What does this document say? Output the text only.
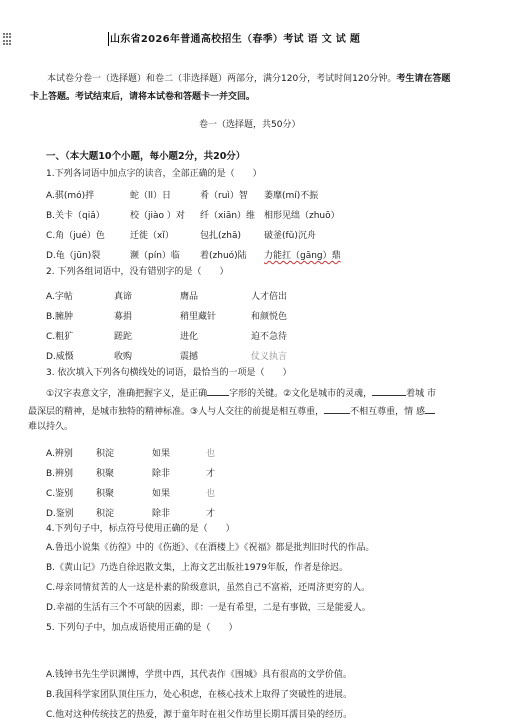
山东省2026年普通高校招生（春季）考试 语 文 试 题
本试卷分卷一（选择题）和卷二（非选择题）两部分，满分120分，考试时间120分钟。考生请在答题
卡上答题。考试结束后，请将本试卷和答题卡一并交回。
卷一（选择题，共50分）
一、（本大题10个小题，每小题2分，共20分）
1.下列各词语中加点字的读音，全部正确的是（　　）
A.骐(mó)拌	蛇（ll）日	肴（ruì）智 萎靡(mí)不振
B.关卡（qiǎ）	校（jiào ）对 纤（xiān）维 相形见绌（zhuō）
C.角（jué）色	迁徙（xǐ）	包扎(zhā)	破釜(fǔ)沉舟
D.龟（jūn)裂	濒（pín）临 着(zhuó)陆 力能扛（gāng）鼎
2. 下列各组词语中，没有错别字的是（　　）
A.字帖	真谛	膺品	人才倍出
B.臃肿	募捐	稍里藏针	和颜悦色
C.粗犷	蹉跎	进化	迫不急待
D.威慑	收购	震撼	仗义执言
3. 依次填入下列各句横线处的词语，最恰当的一项是（　　）
①汉字表意文字，准确把握字义，是正确 字形的关键。②文化是城市的灵魂，	着城 市
最深层的精神，是城市独特的精神标准。③人与人交往的前提是相互尊重，	不相互尊重，情 感
难以持久。
A.辨别	积淀	如果	也
B.辨别	积聚	除非	才
C.鉴别	积聚	如果	也
D.鉴别 积淀	除非	才
4.下列句子中，标点符号使用正确的是（　　）
A.鲁迅小说集《彷徨》中的《伤逝》、《在酒楼上》《祝福》都是批判旧时代的作品。
B.《黄山记》乃选自徐迟散文集，上海文艺出版社1979年版，作者是徐迟。
C.母亲同情贫苦的人一这是朴素的阶级意识，虽然自己不富裕，还周济更穷的人。
D.幸福的生活有三个不可缺的因素，即：一是有希望，二是有事做，三是能爱人。
5. 下列句子中，加点成语使用正确的是（　　）
A.钱钟书先生学识渊博，学贯中西，其代表作《围城》具有很高的文学价值。
B.我国科学家团队顶住压力，处心积虑，在核心技术上取得了突破性的进展。
C.他对这种传统技艺的热爱，源于童年时在祖父作坊里长期耳濡目染的经历。
